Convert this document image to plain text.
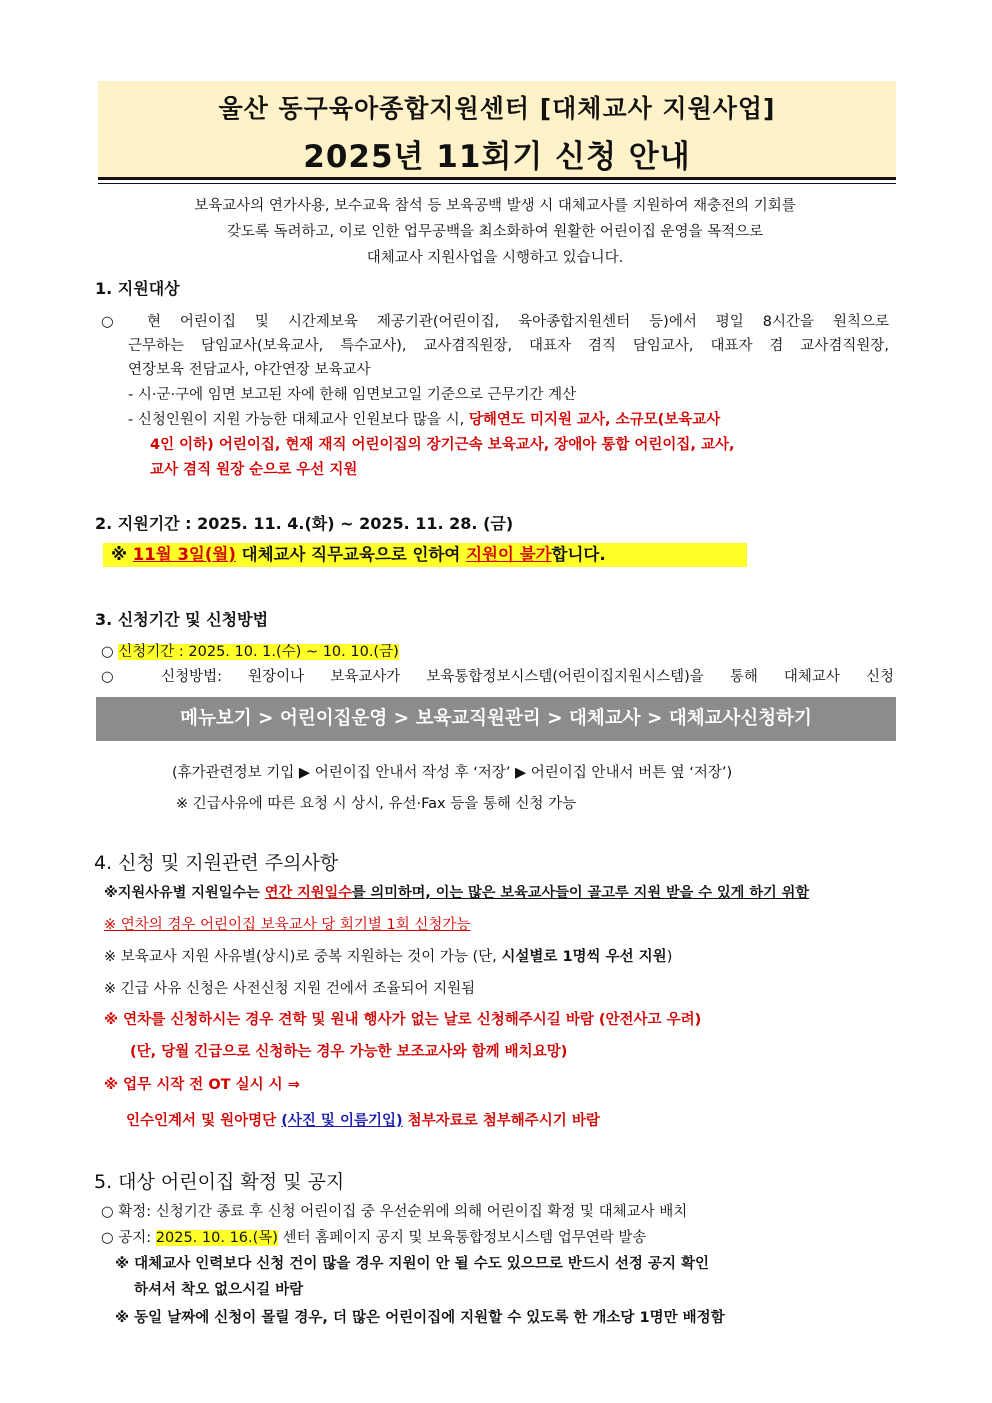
울산 동구육아종합지원센터 [대체교사 지원사업]
2025년 11회기 신청 안내
보육교사의 연가사용, 보수교육 참석 등 보육공백 발생 시 대체교사를 지원하여 재충전의 기회를
갖도록 독려하고, 이로 인한 업무공백을 최소화하여 원활한 어린이집 운영을 목적으로
대체교사 지원사업을 시행하고 있습니다.
1. 지원대상
○ 현 어린이집 및 시간제보육 제공기관(어린이집, 육아종합지원센터 등)에서 평일 8시간을 원칙으로
근무하는 담임교사(보육교사, 특수교사), 교사겸직원장, 대표자 겸직 담임교사, 대표자 겸 교사겸직원장,
연장보육 전담교사, 야간연장 보육교사
- 시·군·구에 임면 보고된 자에 한해 임면보고일 기준으로 근무기간 계산
- 신청인원이 지원 가능한 대체교사 인원보다 많을 시, 당해연도 미지원 교사, 소규모(보육교사
4인 이하) 어린이집, 현재 재직 어린이집의 장기근속 보육교사, 장애아 통합 어린이집, 교사,
교사 겸직 원장 순으로 우선 지원
2. 지원기간 : 2025. 11. 4.(화) ~ 2025. 11. 28. (금)
※ 11월 3일(월) 대체교사 직무교육으로 인하여 지원이 불가합니다.
3. 신청기간 및 신청방법
○ 신청기간 : 2025. 10. 1.(수) ~ 10. 10.(금)
○ 신청방법: 원장이나 보육교사가 보육통합정보시스템(어린이집지원시스템)을 통해 대체교사 신청
메뉴보기 > 어린이집운영 > 보육교직원관리 > 대체교사 > 대체교사신청하기
(휴가관련정보 기입 ▶ 어린이집 안내서 작성 후 ‘저장’ ▶ 어린이집 안내서 버튼 옆 ‘저장’)
※ 긴급사유에 따른 요청 시 상시, 유선·Fax 등을 통해 신청 가능
4. 신청 및 지원관련 주의사항
※지원사유별 지원일수는 연간 지원일수를 의미하며, 이는 많은 보육교사들이 골고루 지원 받을 수 있게 하기 위함
※ 연차의 경우 어린이집 보육교사 당 회기별 1회 신청가능
※ 보육교사 지원 사유별(상시)로 중복 지원하는 것이 가능 (단, 시설별로 1명씩 우선 지원)
※ 긴급 사유 신청은 사전신청 지원 건에서 조율되어 지원됨
※ 연차를 신청하시는 경우 견학 및 원내 행사가 없는 날로 신청해주시길 바람 (안전사고 우려)
(단, 당월 긴급으로 신청하는 경우 가능한 보조교사와 함께 배치요망)
※ 업무 시작 전 OT 실시 시 ⇒
인수인계서 및 원아명단 (사진 및 이름기입) 첨부자료로 첨부해주시기 바람
5. 대상 어린이집 확정 및 공지
○ 확정: 신청기간 종료 후 신청 어린이집 중 우선순위에 의해 어린이집 확정 및 대체교사 배치
○ 공지: 2025. 10. 16.(목) 센터 홈페이지 공지 및 보육통합정보시스템 업무연락 발송
※ 대체교사 인력보다 신청 건이 많을 경우 지원이 안 될 수도 있으므로 반드시 선정 공지 확인
하셔서 착오 없으시길 바람
※ 동일 날짜에 신청이 몰릴 경우, 더 많은 어린이집에 지원할 수 있도록 한 개소당 1명만 배정함
